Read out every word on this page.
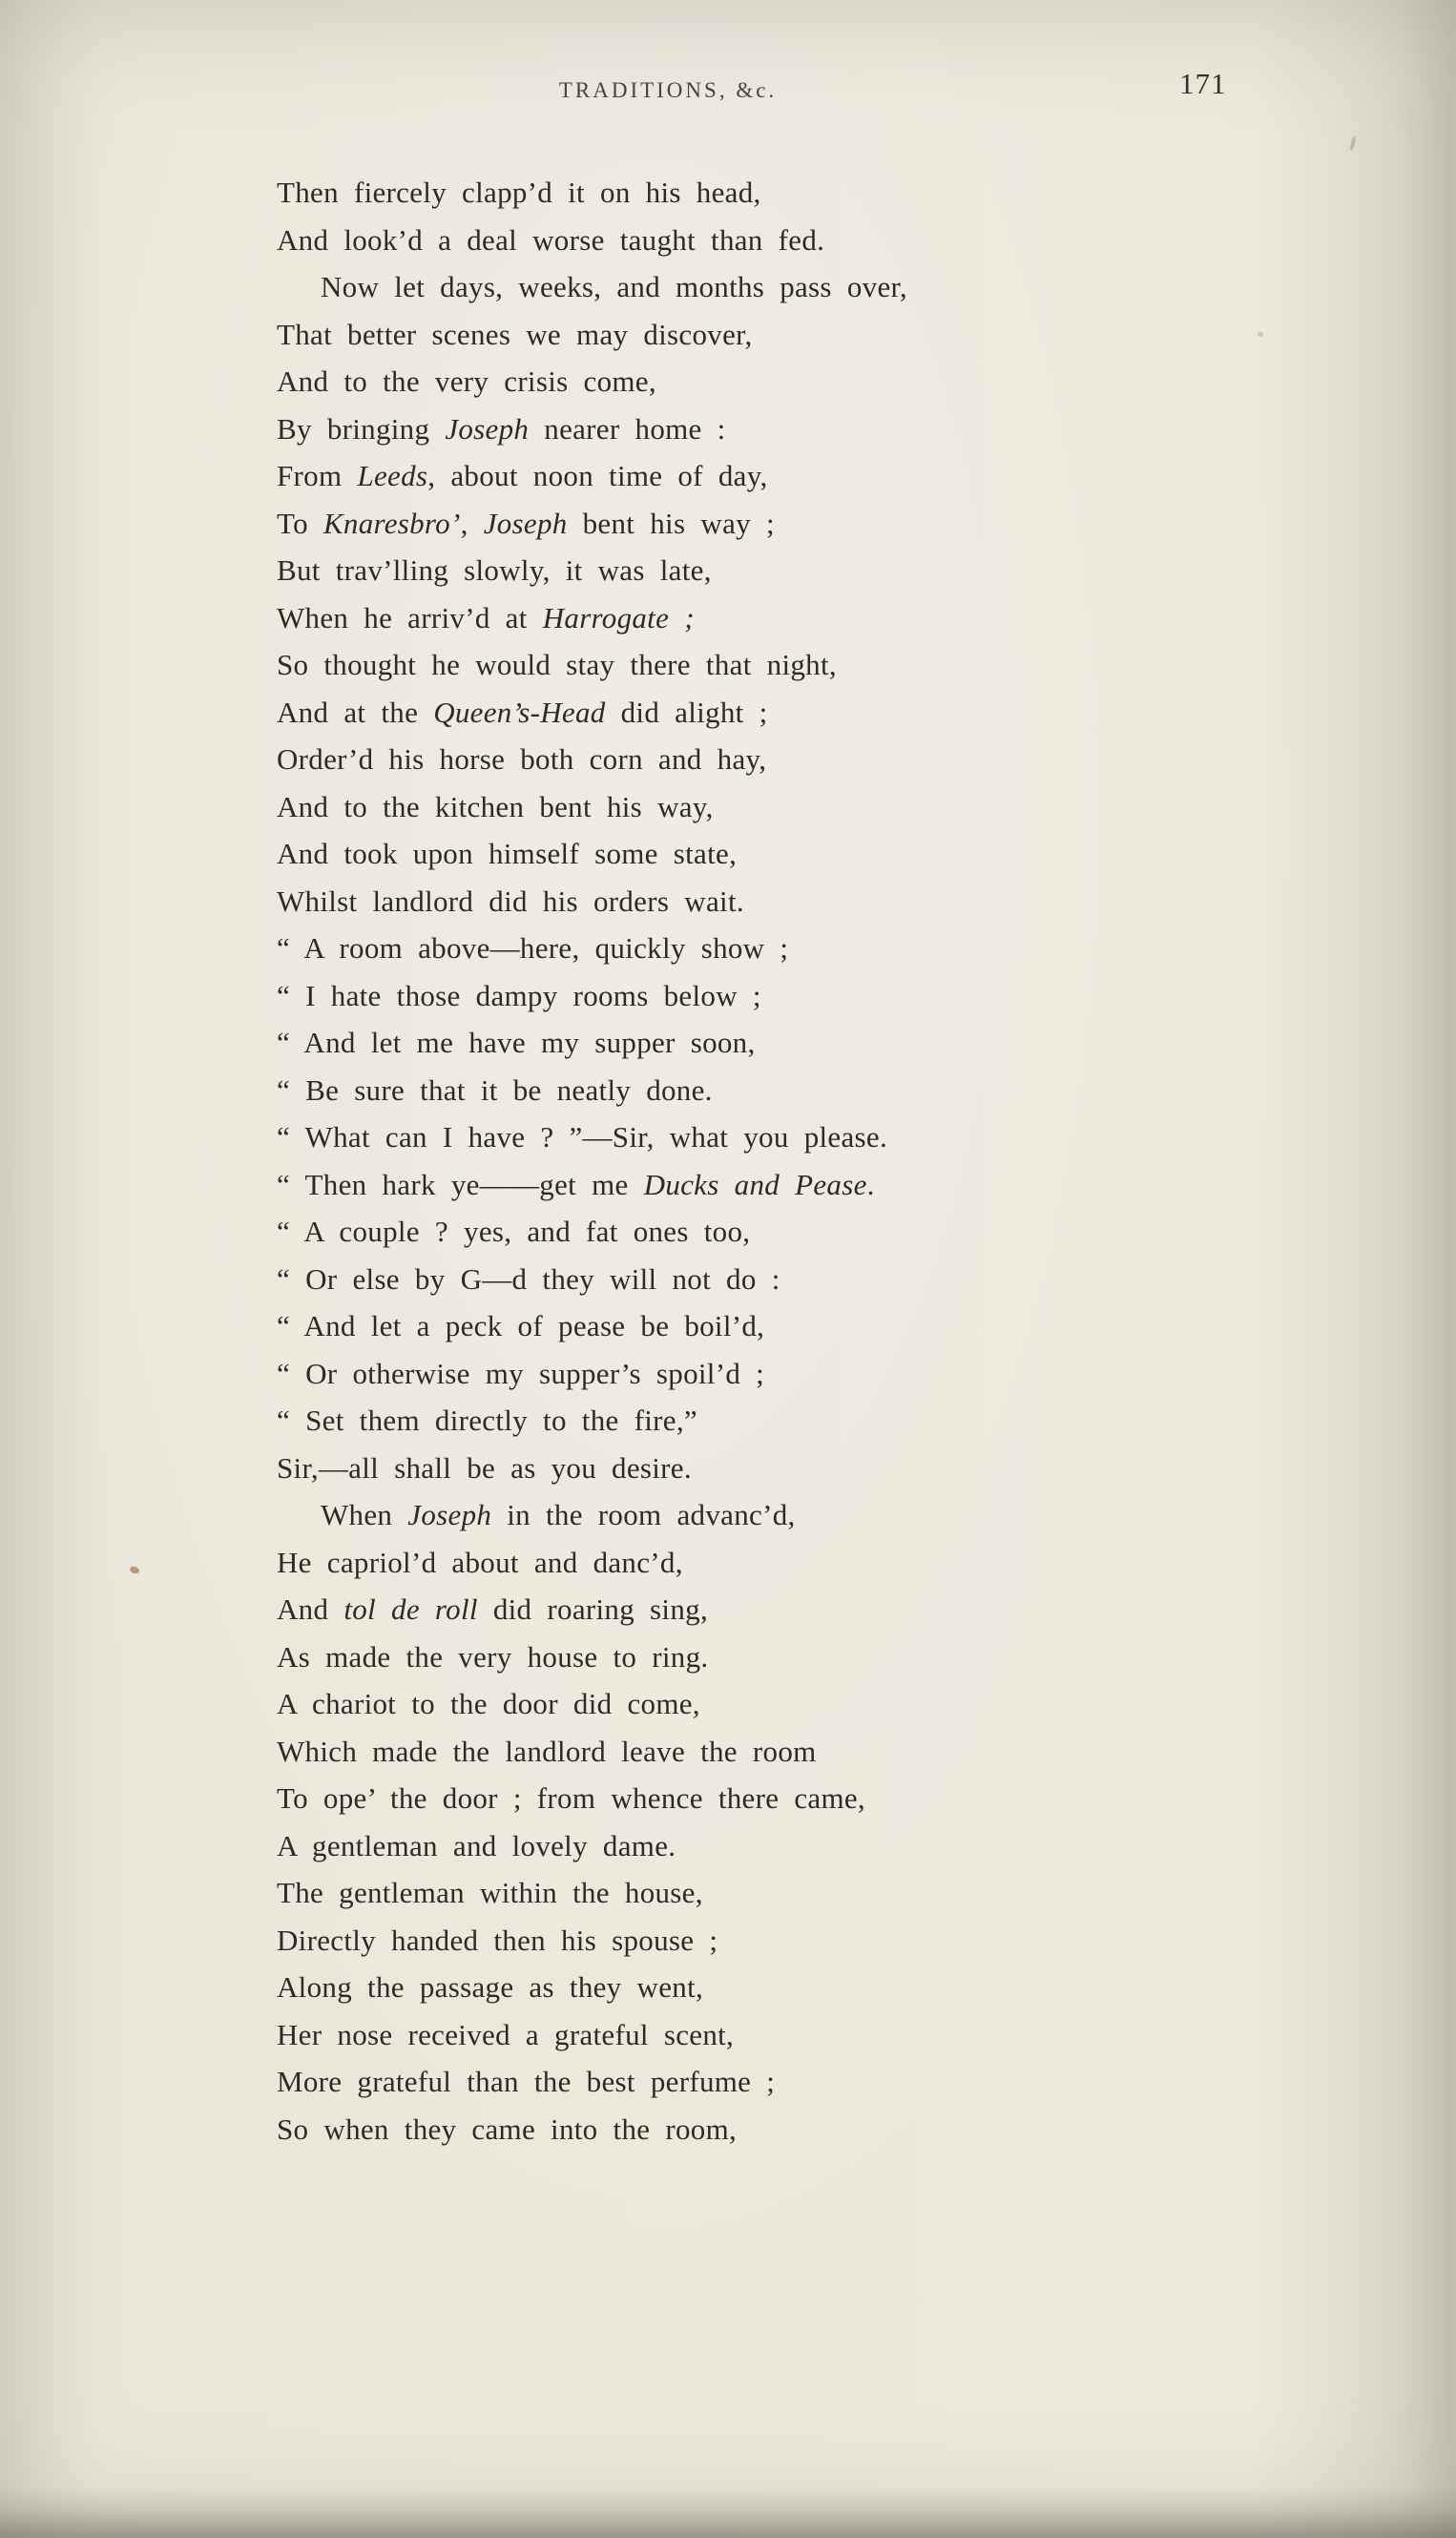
TRADITIONS, &c.	171
Then fiercely clapp’d it on his head,
And look’d a deal worse taught than fed.
Now let days, weeks, and months pass over,
That better scenes we may discover,
And to the very crisis come,
By bringing Joseph nearer home :
From Leeds, about noon time of day,
To Knaresbro’, Joseph bent his way ;
But trav’lling slowly, it was late,
When he arriv’d at Harrogate ;
So thought he would stay there that night,
And at the Queen’s-Head did alight ;
Order’d his horse both corn and hay,
And to the kitchen bent his way,
And took upon himself some state,
Whilst landlord did his orders wait.
“ A room above—here, quickly show ;
“ I hate those dampy rooms below ;
“ And let me have my supper soon,
“ Be sure that it be neatly done.
“ What can I have ? ”—Sir, what you please.
“ Then hark ye——get me Ducks and Pease.
“ A couple ? yes, and fat ones too,
“ Or else by G—d they will not do :
“ And let a peck of pease be boil’d,
“ Or otherwise my supper’s spoil’d ;
“ Set them directly to the fire,”
Sir,—all shall be as you desire.
When Joseph in the room advanc’d,
He capriol’d about and danc’d,
And tol de roll did roaring sing,
As made the very house to ring.
A chariot to the door did come,
Which made the landlord leave the room
To ope’ the door ; from whence there came,
A gentleman and lovely dame.
The gentleman within the house,
Directly handed then his spouse ;
Along the passage as they went,
Her nose received a grateful scent,
More grateful than the best perfume ;
So when they came into the room,
